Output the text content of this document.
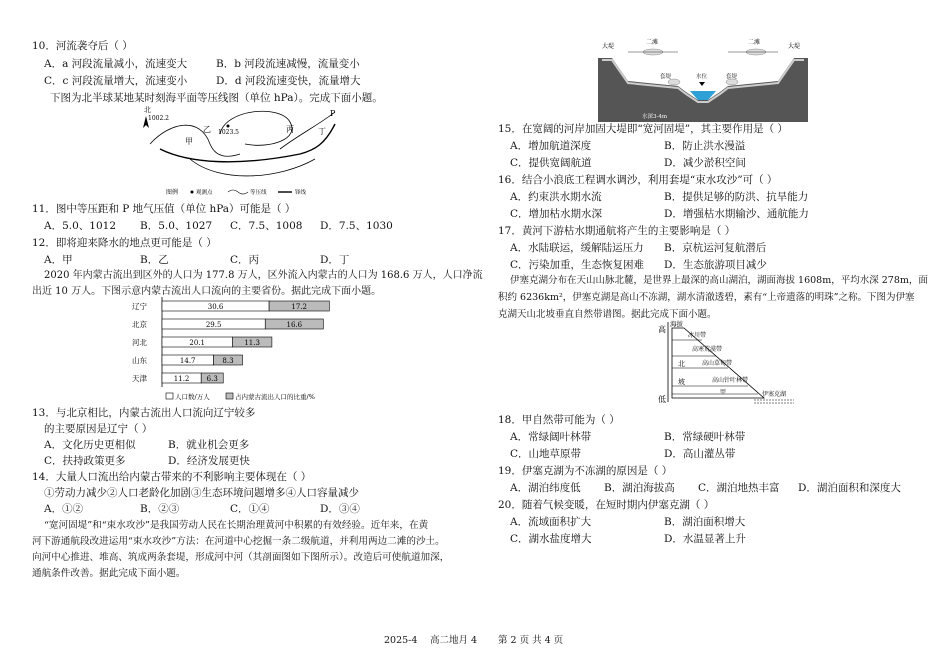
10．河流袭夺后（ ）
A．a 河段流量减小，流速变大	B．b 河段流速减慢，流量变小
C．c 河段流量增大，流速变小	D．d 河段流速变快，流量增大
下图为北半球某地某时刻海平面等压线图（单位 hPa）。完成下面小题。
北
1002.2
1023.5
甲
乙	丙	丁
P
图例	观测点	等压线	锋线
11．图中等压距和 P 地气压值（单位 hPa）可能是（ ）
A．5.0、1012 B．5.0、1027 C．7.5、1008 D．7.5、1030
12．即将迎来降水的地点更可能是（ ）
A．甲	B．乙	C．丙	D．丁
2020 年内蒙古流出到区外的人口为 177.8 万人，区外流入内蒙古的人口为 168.6 万人，人口净流
出近 10 万人。下图示意内蒙古流出人口流向的主要省份。据此完成下面小题。
辽宁	30.6	17.2
北京	29.5	16.6
河北	20.1	11.3
山东	14.7	8.3
天津	11.2 6.3
人口数/万人	占内蒙古流出人口的比重/%
13．与北京相比，内蒙古流出人口流向辽宁较多
的主要原因是辽宁（ ）
A．文化历史更相似	B．就业机会更多
C．扶持政策更多	D．经济发展更快
14．大量人口流出给内蒙古带来的不利影响主要体现在（ ）
①劳动力减少②人口老龄化加剧③生态环境问题增多④人口容量减少
A．①②	B．②③	C．①④	D．③④
“宽河固堤”和“束水攻沙”是我国劳动人民在长期治理黄河中积累的有效经验。近年来，在黄
河下游通航段改进运用“束水攻沙”方法：在河道中心挖掘一条二级航道，并利用两边二滩的沙土。
向河中心推进、堆高、筑成两条套堤，形成河中河（其剖面图如下图所示）。改造后可使航道加深，
通航条件改善。据此完成下面小题。
大堤	大堤
二滩	二滩
水位
套堤	套堤
水深3-4m
15．在宽阔的河岸加固大堤即“宽河固堤”，其主要作用是（ ）
A．增加航道深度	B．防止洪水漫溢
C．提供宽阔航道	D．减少淤积空间
16．结合小浪底工程调水调沙，利用套堤“束水攻沙”可（ ）
A．约束洪水期水流	B．提供足够的防洪、抗旱能力
C．增加枯水期水深	D．增强枯水期输沙、通航能力
17．黄河下游枯水期通航将产生的主要影响是（ ）
A．水陆联运，缓解陆运压力 B．京杭运河复航潜后
C．污染加重，生态恢复困难 D．生态旅游项目减少
伊塞克湖分布在天山山脉北麓，是世界上最深的高山湖泊，湖面海拔 1608m，平均水深 278m，面
积约 6236km²，伊塞克湖是高山不冻湖，湖水清澈透碧，素有“上帝遗落的明珠”之称。下图为伊塞
克湖天山北坡垂直自然带谱图。据此完成下面小题。
高
低
海拔
冰川带
高寒荒漠带
高山草甸带
高山针叶林带
甲
北
坡
伊塞克湖
18．甲自然带可能为（ ）
A．常绿阔叶林带	B．常绿硬叶林带
C．山地草原带	D．高山灌丛带
19．伊塞克湖为不冻湖的原因是（ ）
A．湖泊纬度低 B．湖泊海拔高 C．湖泊地热丰富 D．湖泊面积和深度大
20．随着气候变暖，在短时期内伊塞克湖（ ）
A．流域面积扩大	B．湖泊面积增大
C．湖水盐度增大	D．水温显著上升
2025-4 高二地月 4 第 2 页 共 4 页
